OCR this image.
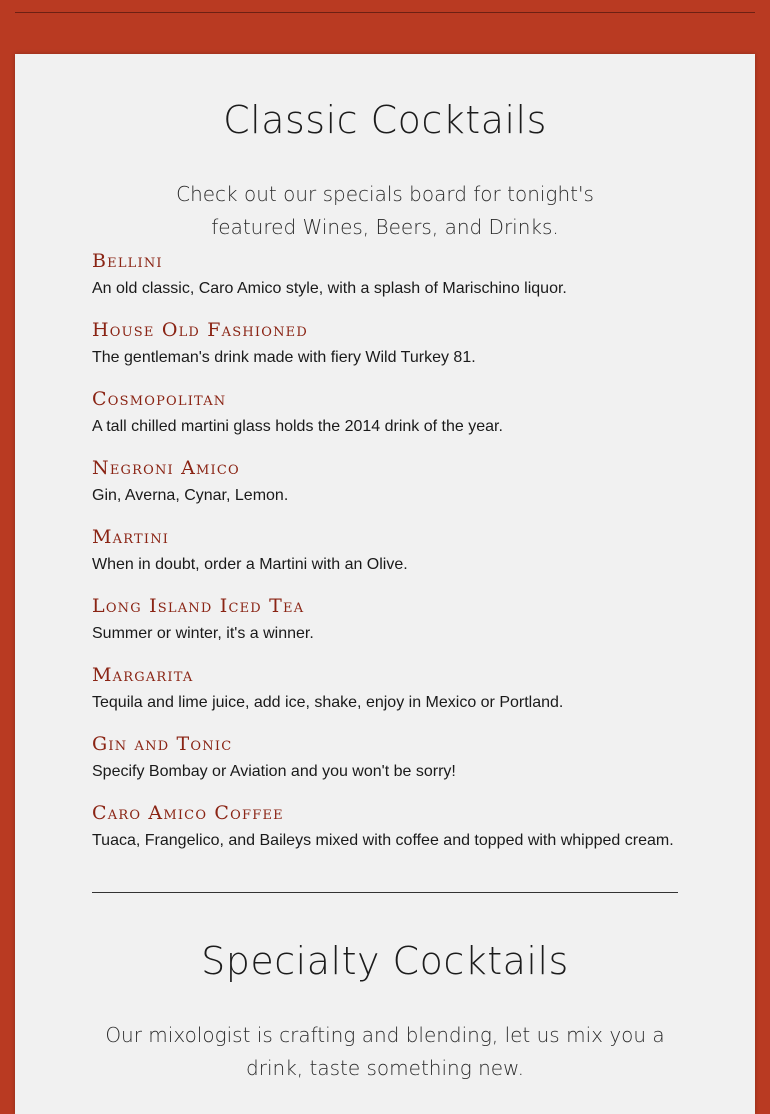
Classic Cocktails

Check out our specials board for tonight's featured Wines, Beers, and Drinks.

Bellini
An old classic, Caro Amico style, with a splash of Marischino liquor.
House Old Fashioned
The gentleman's drink made with fiery Wild Turkey 81.
Cosmopolitan
A tall chilled martini glass holds the 2014 drink of the year.
Negroni Amico
Gin, Averna, Cynar, Lemon.
Martini
When in doubt, order a Martini with an Olive.
Long Island Iced Tea
Summer or winter, it's a winner.
Margarita
Tequila and lime juice, add ice, shake, enjoy in Mexico or Portland.
Gin and Tonic
Specify Bombay or Aviation and you won't be sorry!
Caro Amico Coffee
Tuaca, Frangelico, and Baileys mixed with coffee and topped with whipped cream.
Specialty Cocktails

Our mixologist is crafting and blending, let us mix you a drink, taste something new.
